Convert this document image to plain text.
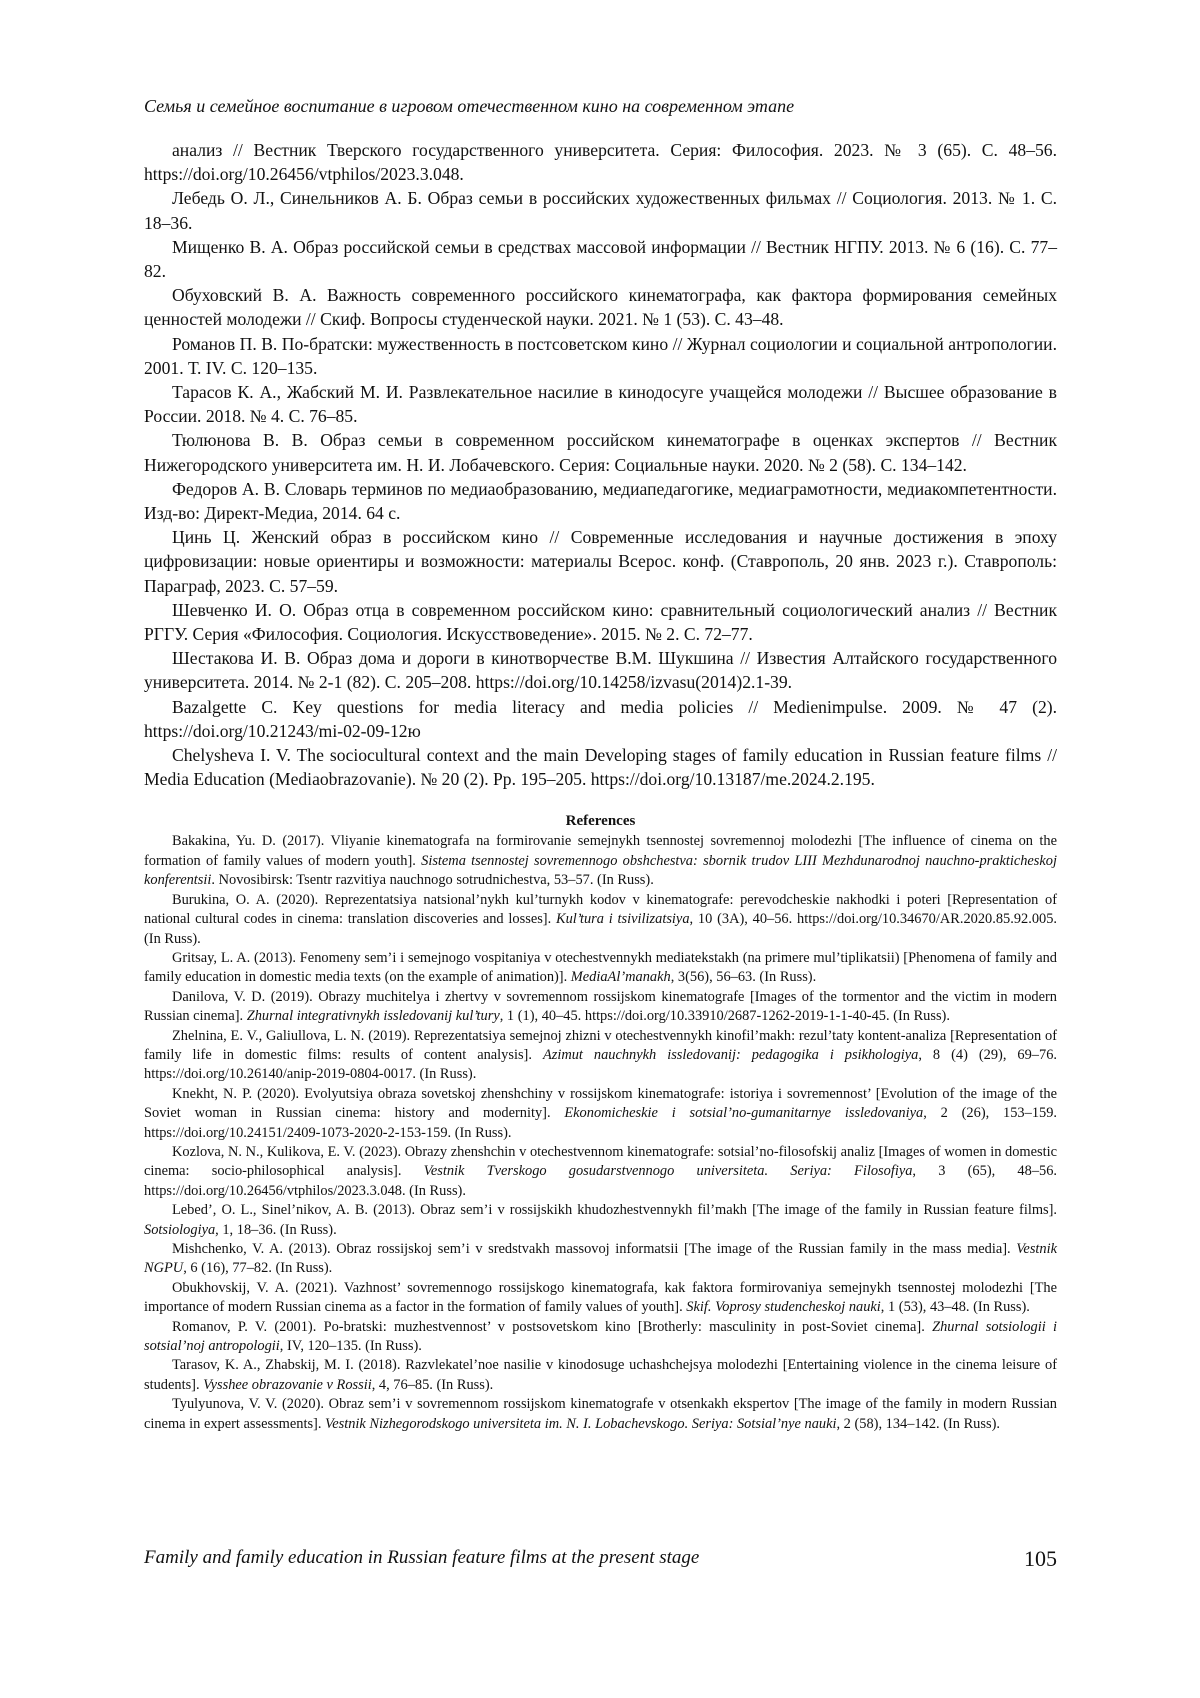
Семья и семейное воспитание в игровом отечественном кино на современном этапе

анализ // Вестник Тверского государственного университета. Серия: Философия. 2023. № 3 (65). С. 48–56. https://doi.org/10.26456/vtphilos/2023.3.048.

Лебедь О. Л., Синельников А. Б. Образ семьи в российских художественных фильмах // Социология. 2013. № 1. С. 18–36.

Мищенко В. А. Образ российской семьи в средствах массовой информации // Вестник НГПУ. 2013. № 6 (16). С. 77–82.

Обуховский В. А. Важность современного российского кинематографа, как фактора формирования семейных ценностей молодежи // Скиф. Вопросы студенческой науки. 2021. № 1 (53). С. 43–48.

Романов П. В. По-братски: мужественность в постсоветском кино // Журнал социологии и социальной антропологии. 2001. Т. IV. С. 120–135.

Тарасов К. А., Жабский М. И. Развлекательное насилие в кинодосуге учащейся молодежи // Высшее образование в России. 2018. № 4. С. 76–85.

Тюлюнова В. В. Образ семьи в современном российском кинематографе в оценках экспертов // Вестник Нижегородского университета им. Н. И. Лобачевского. Серия: Социальные науки. 2020. № 2 (58). С. 134–142.

Федоров А. В. Словарь терминов по медиаобразованию, медиапедагогике, медиаграмотности, медиакомпетентности. Изд-во: Директ-Медиа, 2014. 64 с.

Цинь Ц. Женский образ в российском кино // Современные исследования и научные достижения в эпоху цифровизации: новые ориентиры и возможности: материалы Всерос. конф. (Ставрополь, 20 янв. 2023 г.). Ставрополь: Параграф, 2023. С. 57–59.

Шевченко И. О. Образ отца в современном российском кино: сравнительный социологический анализ // Вестник РГГУ. Серия «Философия. Социология. Искусствоведение». 2015. № 2. С. 72–77.

Шестакова И. В. Образ дома и дороги в кинотворчестве В.М. Шукшина // Известия Алтайского государственного университета. 2014. № 2-1 (82). С. 205–208. https://doi.org/10.14258/izvasu(2014)2.1-39.

Bazalgette C. Key questions for media literacy and media policies // Medienimpulse. 2009. № 47 (2). https://doi.org/10.21243/mi-02-09-12ю

Chelysheva I. V. The sociocultural context and the main Developing stages of family education in Russian feature films // Media Education (Mediaobrazovanie). № 20 (2). Pp. 195–205. https://doi.org/10.13187/me.2024.2.195.

References

Bakakina, Yu. D. (2017). Vliyanie kinematografa na formirovanie semejnykh tsennostej sovremennoj molodezhi [The influence of cinema on the formation of family values of modern youth]. Sistema tsennostej sovremennogo obshchestva: sbornik trudov LIII Mezhdunarodnoj nauchno-prakticheskoj konferentsii. Novosibirsk: Tsentr razvitiya nauchnogo sotrudnichestva, 53–57. (In Russ).

Burukina, O. A. (2020). Reprezentatsiya natsional’nykh kul’turnykh kodov v kinematografe: perevodcheskie nakhodki i poteri [Representation of national cultural codes in cinema: translation discoveries and losses]. Kul’tura i tsivilizatsiya, 10 (3A), 40–56. https://doi.org/10.34670/AR.2020.85.92.005. (In Russ).

Gritsay, L. A. (2013). Fenomeny sem’i i semejnogo vospitaniya v otechestvennykh mediatekstakh (na primere mul’tiplikatsii) [Phenomena of family and family education in domestic media texts (on the example of animation)]. MediaAl’manakh, 3(56), 56–63. (In Russ).

Danilova, V. D. (2019). Obrazy muchitelya i zhertvy v sovremennom rossijskom kinematografe [Images of the tormentor and the victim in modern Russian cinema]. Zhurnal integrativnykh issledovanij kul’tury, 1 (1), 40–45. https://doi.org/10.33910/2687-1262-2019-1-1-40-45. (In Russ).

Zhelnina, E. V., Galiullova, L. N. (2019). Reprezentatsiya semejnoj zhizni v otechestvennykh kinofil’makh: rezul’taty kontent-analiza [Representation of family life in domestic films: results of content analysis]. Azimut nauchnykh issledovanij: pedagogika i psikhologiya, 8 (4) (29), 69–76. https://doi.org/10.26140/anip-2019-0804-0017. (In Russ).

Knekht, N. P. (2020). Evolyutsiya obraza sovetskoj zhenshchiny v rossijskom kinematografe: istoriya i sovremennost’ [Evolution of the image of the Soviet woman in Russian cinema: history and modernity]. Ekonomicheskie i sotsial’no-gumanitarnye issledovaniya, 2 (26), 153–159. https://doi.org/10.24151/2409-1073-2020-2-153-159. (In Russ).

Kozlova, N. N., Kulikova, E. V. (2023). Obrazy zhenshchin v otechestvennom kinematografe: sotsial’no-filosofskij analiz [Images of women in domestic cinema: socio-philosophical analysis]. Vestnik Tverskogo gosudarstvennogo universiteta. Seriya: Filosofiya, 3 (65), 48–56. https://doi.org/10.26456/vtphilos/2023.3.048. (In Russ).

Lebed’, O. L., Sinel’nikov, A. B. (2013). Obraz sem’i v rossijskikh khudozhestvennykh fil’makh [The image of the family in Russian feature films]. Sotsiologiya, 1, 18–36. (In Russ).

Mishchenko, V. A. (2013). Obraz rossijskoj sem’i v sredstvakh massovoj informatsii [The image of the Russian family in the mass media]. Vestnik NGPU, 6 (16), 77–82. (In Russ).

Obukhovskij, V. A. (2021). Vazhnost’ sovremennogo rossijskogo kinematografa, kak faktora formirovaniya semejnykh tsennostej molodezhi [The importance of modern Russian cinema as a factor in the formation of family values of youth]. Skif. Voprosy studencheskoj nauki, 1 (53), 43–48. (In Russ).

Romanov, P. V. (2001). Po-bratski: muzhestvennost’ v postsovetskom kino [Brotherly: masculinity in post-Soviet cinema]. Zhurnal sotsiologii i sotsial’noj antropologii, IV, 120–135. (In Russ).

Tarasov, K. A., Zhabskij, M. I. (2018). Razvlekatel’noe nasilie v kinodosuge uchashchejsya molodezhi [Entertaining violence in the cinema leisure of students]. Vysshee obrazovanie v Rossii, 4, 76–85. (In Russ).

Tyulyunova, V. V. (2020). Obraz sem’i v sovremennom rossijskom kinematografe v otsenkakh ekspertov [The image of the family in modern Russian cinema in expert assessments]. Vestnik Nizhegorodskogo universiteta im. N. I. Lobachevskogo. Seriya: Sotsial’nye nauki, 2 (58), 134–142. (In Russ).

Family and family education in Russian feature films at the present stage	105
